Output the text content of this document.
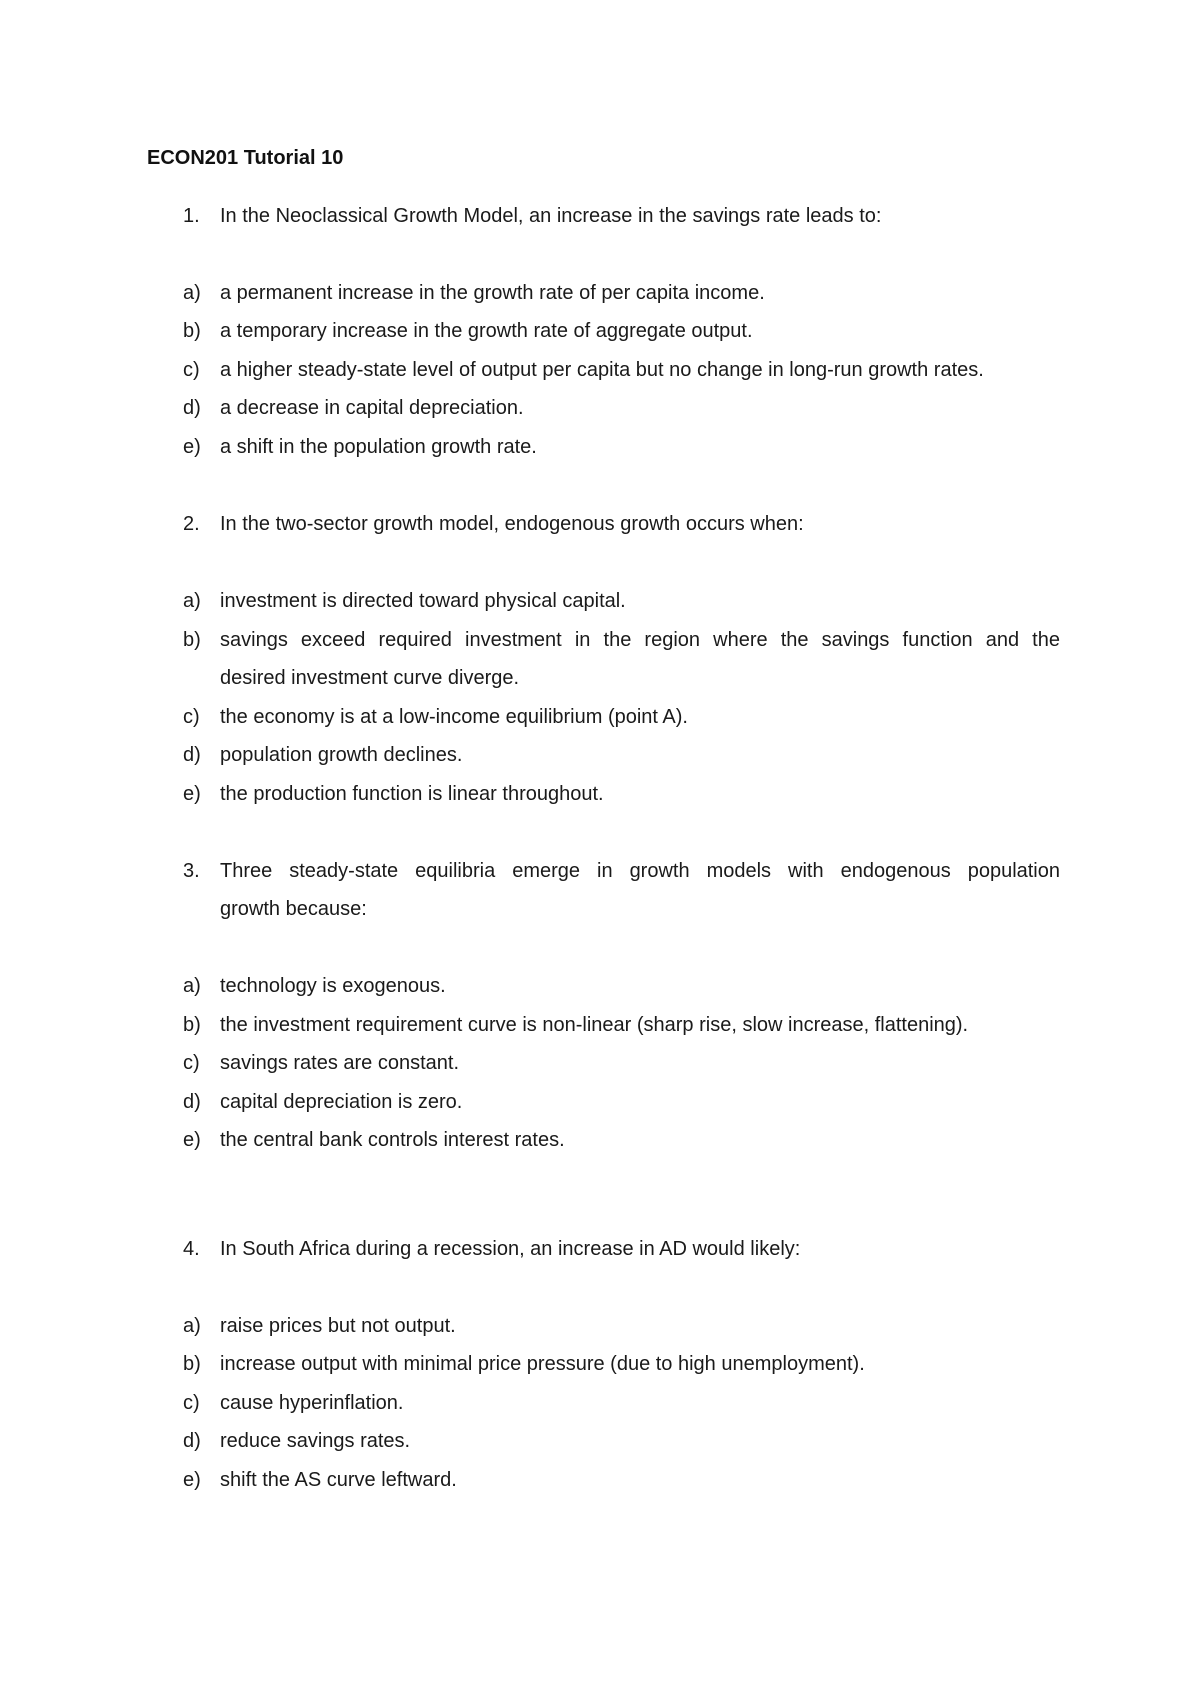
ECON201 Tutorial 10
1. In the Neoclassical Growth Model, an increase in the savings rate leads to:
a) a permanent increase in the growth rate of per capita income.
b) a temporary increase in the growth rate of aggregate output.
c) a higher steady-state level of output per capita but no change in long-run growth rates.
d) a decrease in capital depreciation.
e) a shift in the population growth rate.
2. In the two-sector growth model, endogenous growth occurs when:
a) investment is directed toward physical capital.
b) savings exceed required investment in the region where the savings function and the
desired investment curve diverge.
c) the economy is at a low-income equilibrium (point A).
d) population growth declines.
e) the production function is linear throughout.
3. Three steady-state equilibria emerge in growth models with endogenous population
growth because:
a) technology is exogenous.
b) the investment requirement curve is non-linear (sharp rise, slow increase, flattening).
c) savings rates are constant.
d) capital depreciation is zero.
e) the central bank controls interest rates.
4. In South Africa during a recession, an increase in AD would likely:
a) raise prices but not output.
b) increase output with minimal price pressure (due to high unemployment).
c) cause hyperinflation.
d) reduce savings rates.
e) shift the AS curve leftward.
